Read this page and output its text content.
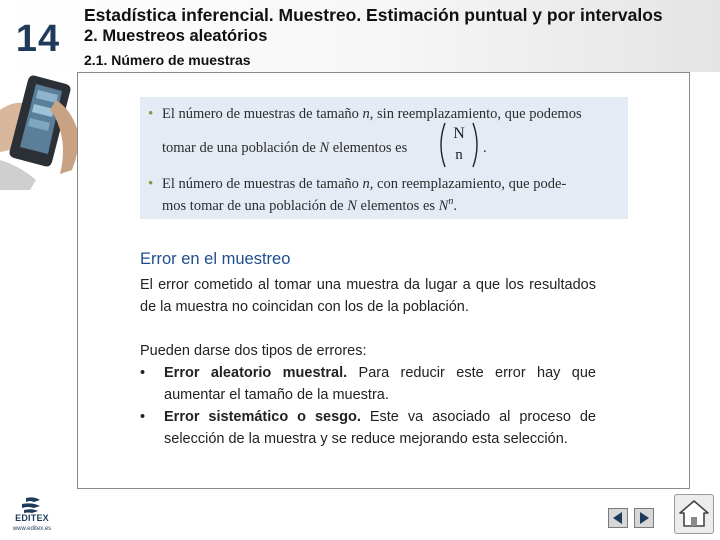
14
Estadística inferencial. Muestreo. Estimación puntual y por intervalos
2. Muestreos aleatórios
2.1. Número de muestras
• El número de muestras de tamaño n, sin reemplazamiento, que podemos
tomar de una población de N elementos es
N
n	.
• El número de muestras de tamaño n, con reemplazamiento, que pode-
mos tomar de una población de N elementos es $N^n$.
Error en el muestreo

El error cometido al tomar una muestra da lugar a que los resultados de la muestra no coincidan con los de la población.

Pueden darse dos tipos de errores:

• Error aleatorio muestral. Para reducir este error hay que aumentar el tamaño de la muestra.
• Error sistemático o sesgo. Este va asociado al proceso de selección de la muestra y se reduce mejorando esta selección.
EDITEX
www.editex.es
